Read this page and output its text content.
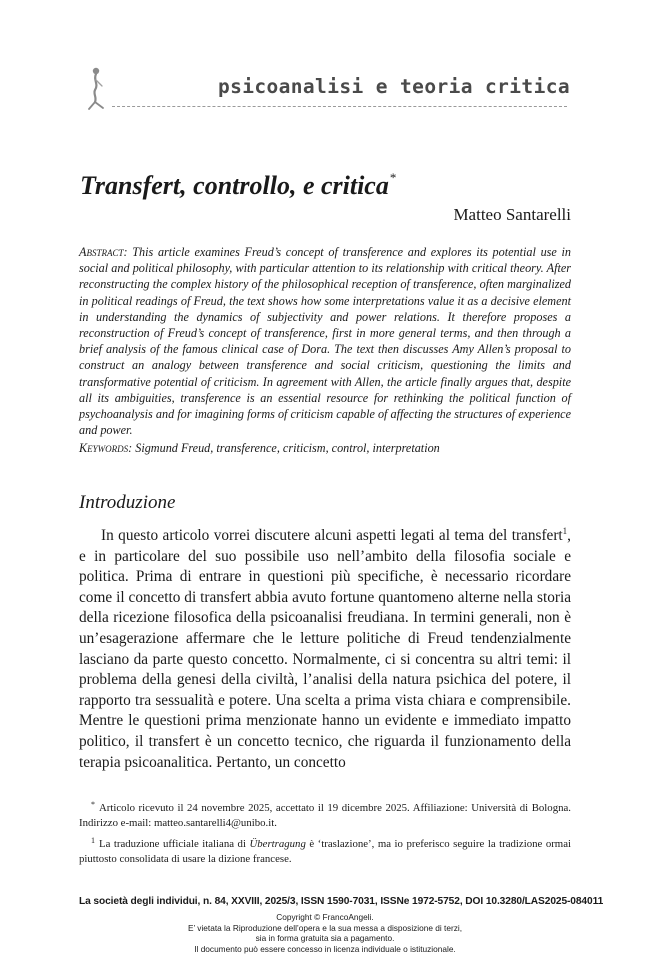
psicoanalisi e teoria critica
Transfert, controllo, e critica*
Matteo Santarelli
Abstract: This article examines Freud’s concept of transference and explores its potential use in social and political philosophy, with particular attention to its relationship with critical theory. After reconstructing the complex history of the philosophical reception of transference, often marginalized in political readings of Freud, the text shows how some interpretations value it as a decisive element in understanding the dynamics of subjectivity and power relations. It therefore proposes a reconstruction of Freud’s concept of transference, first in more general terms, and then through a brief analysis of the famous clinical case of Dora. The text then discusses Amy Allen’s proposal to construct an analogy between transference and social criticism, questioning the limits and transformative potential of criticism. In agreement with Allen, the article finally argues that, despite all its ambiguities, transference is an essential resource for rethinking the political function of psychoanalysis and for imagining forms of criticism capable of affecting the structures of experience and power.
Keywords: Sigmund Freud, transference, criticism, control, interpretation
Introduzione
In questo articolo vorrei discutere alcuni aspetti legati al tema del transfert$^1$, e in particolare del suo possibile uso nell’ambito della filosofia sociale e politica. Prima di entrare in questioni più specifiche, è necessario ricordare come il concetto di transfert abbia avuto fortune quantomeno alterne nella storia della ricezione filosofica della psicoanalisi freudiana. In termini generali, non è un’esagerazione affermare che le letture politiche di Freud tendenzialmente lasciano da parte questo concetto. Normalmente, ci si concentra su altri temi: il problema della genesi della civiltà, l’analisi della natura psichica del potere, il rapporto tra sessualità e potere. Una scelta a prima vista chiara e comprensibile. Mentre le questioni prima menzionate hanno un evidente e immediato impatto politico, il transfert è un concetto tecnico, che riguarda il funzionamento della terapia psicoanalitica. Pertanto, un concetto

* Articolo ricevuto il 24 novembre 2025, accettato il 19 dicembre 2025. Affiliazione: Università di Bologna. Indirizzo e-mail: matteo.santarelli4@unibo.it.

$^1$ La traduzione ufficiale italiana di Übertragung è ‘traslazione’, ma io preferisco seguire la tradizione ormai piuttosto consolidata di usare la dizione francese.

La società degli individui, n. 84, XXVIII, 2025/3, ISSN 1590-7031, ISSNe 1972-5752, DOI 10.3280/LAS2025-084011
Copyright © FrancoAngeli.
E’ vietata la Riproduzione dell’opera e la sua messa a disposizione di terzi,
sia in forma gratuita sia a pagamento.
Il documento può essere concesso in licenza individuale o istituzionale.
